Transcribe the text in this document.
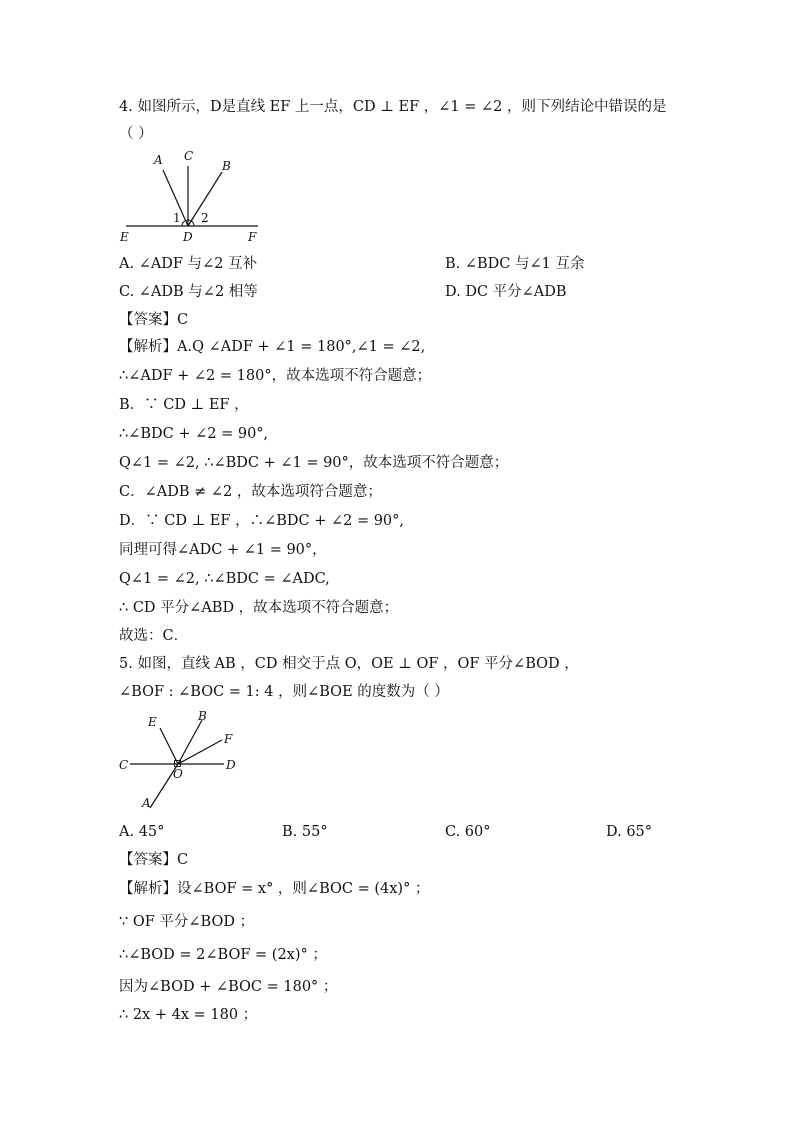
4. 如图所示，D是直线 EF 上一点，CD ⊥ EF ，∠1 = ∠2 ，则下列结论中错误的是
（ ）
A C
B
E	D	F
1 2
A. ∠ADF 与∠2 互补	B. ∠BDC 与∠1 互余
C. ∠ADB 与∠2 相等	D. DC 平分∠ADB
【答案】C
【解析】A.Q ∠ADF + ∠1 = 180°,∠1 = ∠2,
∴∠ADF + ∠2 = 180°，故本选项不符合题意；
B．∵ CD ⊥ EF ，
∴∠BDC + ∠2 = 90°,
Q∠1 = ∠2, ∴∠BDC + ∠1 = 90°，故本选项不符合题意；
C．∠ADB ≠ ∠2 ，故本选项符合题意；
D．∵ CD ⊥ EF ，∴∠BDC + ∠2 = 90°,
同理可得∠ADC + ∠1 = 90°，
Q∠1 = ∠2, ∴∠BDC = ∠ADC,
∴ CD 平分∠ABD ，故本选项不符合题意；
故选：C．
5. 如图，直线 AB ，CD 相交于点 O，OE ⊥ OF ，OF 平分∠BOD ，
∠BOF : ∠BOC = 1: 4 ，则∠BOE 的度数为（ ）
E	B
F
C
O
D
A
A. 45°	B. 55°	C. 60°	D. 65°
【答案】C
【解析】设∠BOF = x° ，则∠BOC = (4x)° ；
∵ OF 平分∠BOD ；
∴∠BOD = 2∠BOF = (2x)° ；
因为∠BOD + ∠BOC = 180° ；
∴ 2x + 4x = 180 ；
